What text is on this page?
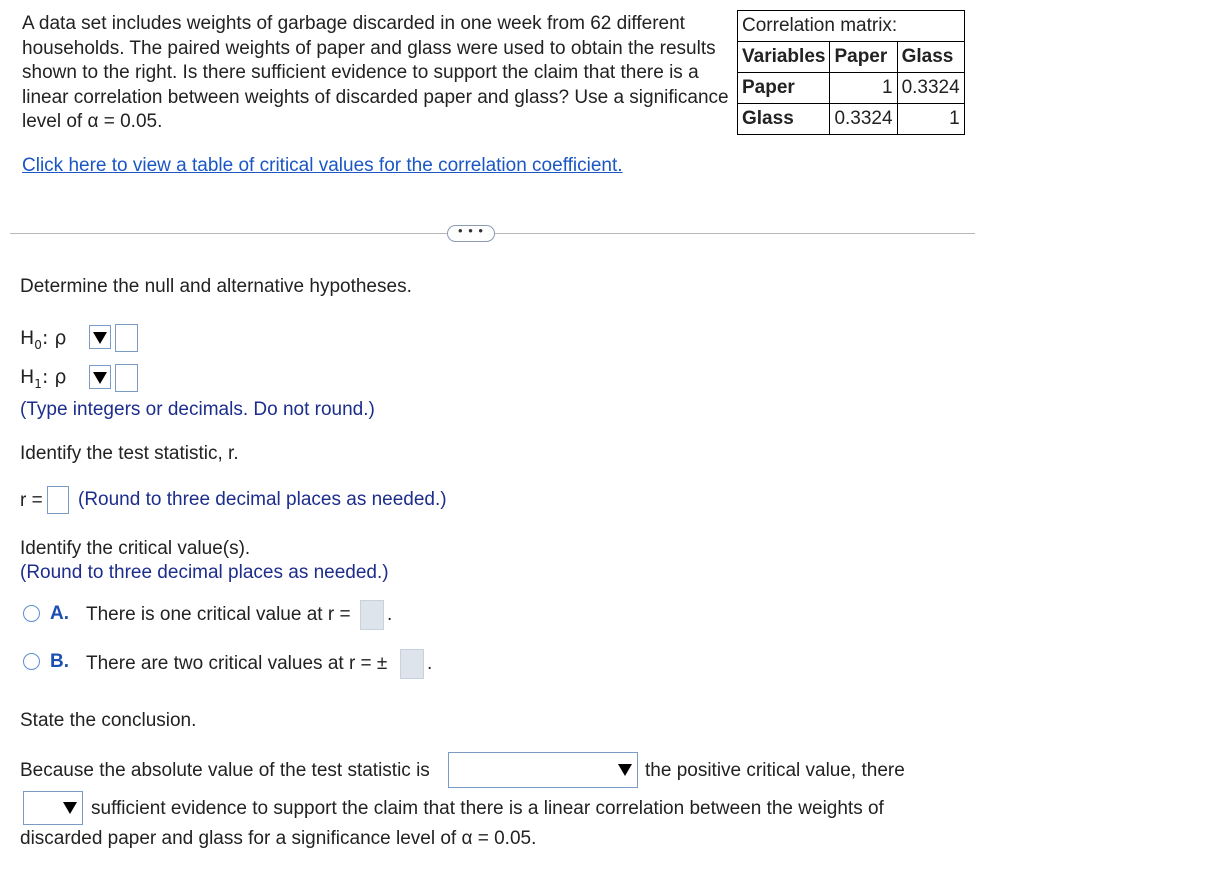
A data set includes weights of garbage discarded in one week from 62 different households. The paired weights of paper and glass were used to obtain the results shown to the right. Is there sufficient evidence to support the claim that there is a linear correlation between weights of discarded paper and glass? Use a significance level of α = 0.05.
Click here to view a table of critical values for the correlation coefficient.
Correlation matrix:		
Variables	Paper	Glass
Paper	1	0.3324
Glass	0.3324	1
• • •
Determine the null and alternative hypotheses.
$H_0$: ρ
$H_1$: ρ
(Type integers or decimals. Do not round.)
Identify the test statistic, r.
r = (Round to three decimal places as needed.)
Identify the critical value(s).
(Round to three decimal places as needed.)
A. There is one critical value at r = .
B. There are two critical values at r = ± .
State the conclusion.
Because the absolute value of the test statistic is	the positive critical value, there
sufficient evidence to support the claim that there is a linear correlation between the weights of
discarded paper and glass for a significance level of α = 0.05.
